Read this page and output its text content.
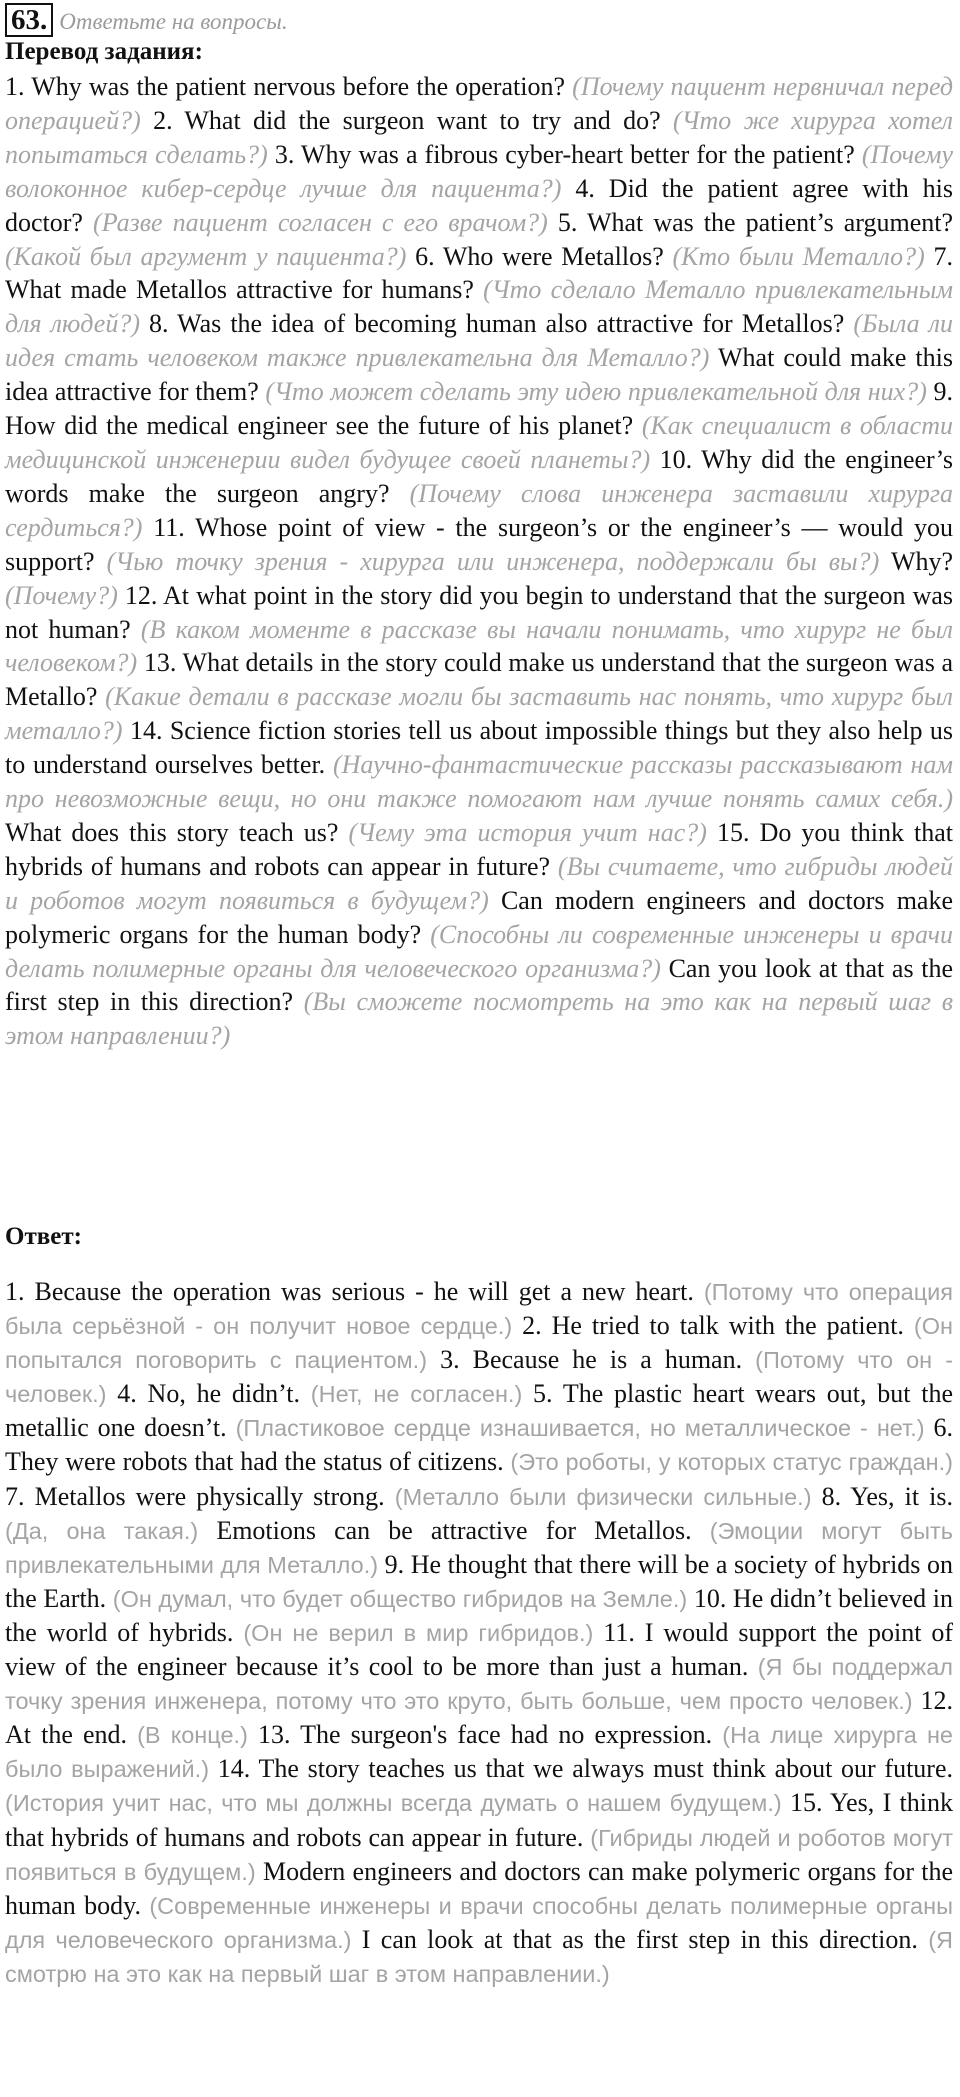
63. Ответьте на вопросы.
Перевод задания:
1. Why was the patient nervous before the operation? (Почему пациент нервничал перед операцией?) 2. What did the surgeon want to try and do? (Что же хирурга хотел попытаться сделать?) 3. Why was a fibrous cyber-heart better for the patient? (Почему волоконное кибер-сердце лучше для пациента?) 4. Did the patient agree with his doctor? (Разве пациент согласен с его врачом?) 5. What was the patient’s argument? (Какой был аргумент у пациента?) 6. Who were Metallos? (Кто были Металло?) 7. What made Metallos attractive for humans? (Что сделало Металло привлекательным для людей?) 8. Was the idea of becoming human also attractive for Metallos? (Была ли идея стать человеком также привлекательна для Металло?) What could make this idea attractive for them? (Что может сделать эту идею привлекательной для них?) 9. How did the medical engineer see the future of his planet? (Как специалист в области медицинской инженерии видел будущее своей планеты?) 10. Why did the engineer’s words make the surgeon angry? (Почему слова инженера заставили хирурга сердиться?) 11. Whose point of view - the surgeon’s or the engineer’s — would you support? (Чью точку зрения - хирурга или инженера, поддержали бы вы?) Why? (Почему?) 12. At what point in the story did you begin to understand that the surgeon was not human? (В каком моменте в рассказе вы начали понимать, что хирург не был человеком?) 13. What details in the story could make us understand that the surgeon was a Metallo? (Какие детали в рассказе могли бы заставить нас понять, что хирург был металло?) 14. Science fiction stories tell us about impossible things but they also help us to understand ourselves better. (Научно-фантастические рассказы рассказывают нам про невозможные вещи, но они также помогают нам лучше понять самих себя.) What does this story teach us? (Чему эта история учит нас?) 15. Do you think that hybrids of humans and robots can appear in future? (Вы считаете, что гибриды людей и роботов могут появиться в будущем?) Can modern engineers and doctors make polymeric organs for the human body? (Способны ли современные инженеры и врачи делать полимерные органы для человеческого организма?) Can you look at that as the first step in this direction? (Вы сможете посмотреть на это как на первый шаг в этом направлении?)
Ответ:
1. Because the operation was serious - he will get a new heart. (Потому что операция была серьёзной - он получит новое сердце.) 2. He tried to talk with the patient. (Он попытался поговорить с пациентом.) 3. Because he is a human. (Потому что он - человек.) 4. No, he didn’t. (Нет, не согласен.) 5. The plastic heart wears out, but the metallic one doesn’t. (Пластиковое сердце изнашивается, но металлическое - нет.) 6. They were robots that had the status of citizens. (Это роботы, у которых статус граждан.) 7. Metallos were physically strong. (Металло были физически сильные.) 8. Yes, it is. (Да, она такая.) Emotions can be attractive for Metallos. (Эмоции могут быть привлекательными для Металло.) 9. He thought that there will be a society of hybrids on the Earth. (Он думал, что будет общество гибридов на Земле.) 10. He didn’t believed in the world of hybrids. (Он не верил в мир гибридов.) 11. I would support the point of view of the engineer because it’s cool to be more than just a human. (Я бы поддержал точку зрения инженера, потому что это круто, быть больше, чем просто человек.) 12. At the end. (В конце.) 13. The surgeon's face had no expression. (На лице хирурга не было выражений.) 14. The story teaches us that we always must think about our future. (История учит нас, что мы должны всегда думать о нашем будущем.) 15. Yes, I think that hybrids of humans and robots can appear in future. (Гибриды людей и роботов могут появиться в будущем.) Modern engineers and doctors can make polymeric organs for the human body. (Современные инженеры и врачи способны делать полимерные органы для человеческого организма.) I can look at that as the first step in this direction. (Я смотрю на это как на первый шаг в этом направлении.)
